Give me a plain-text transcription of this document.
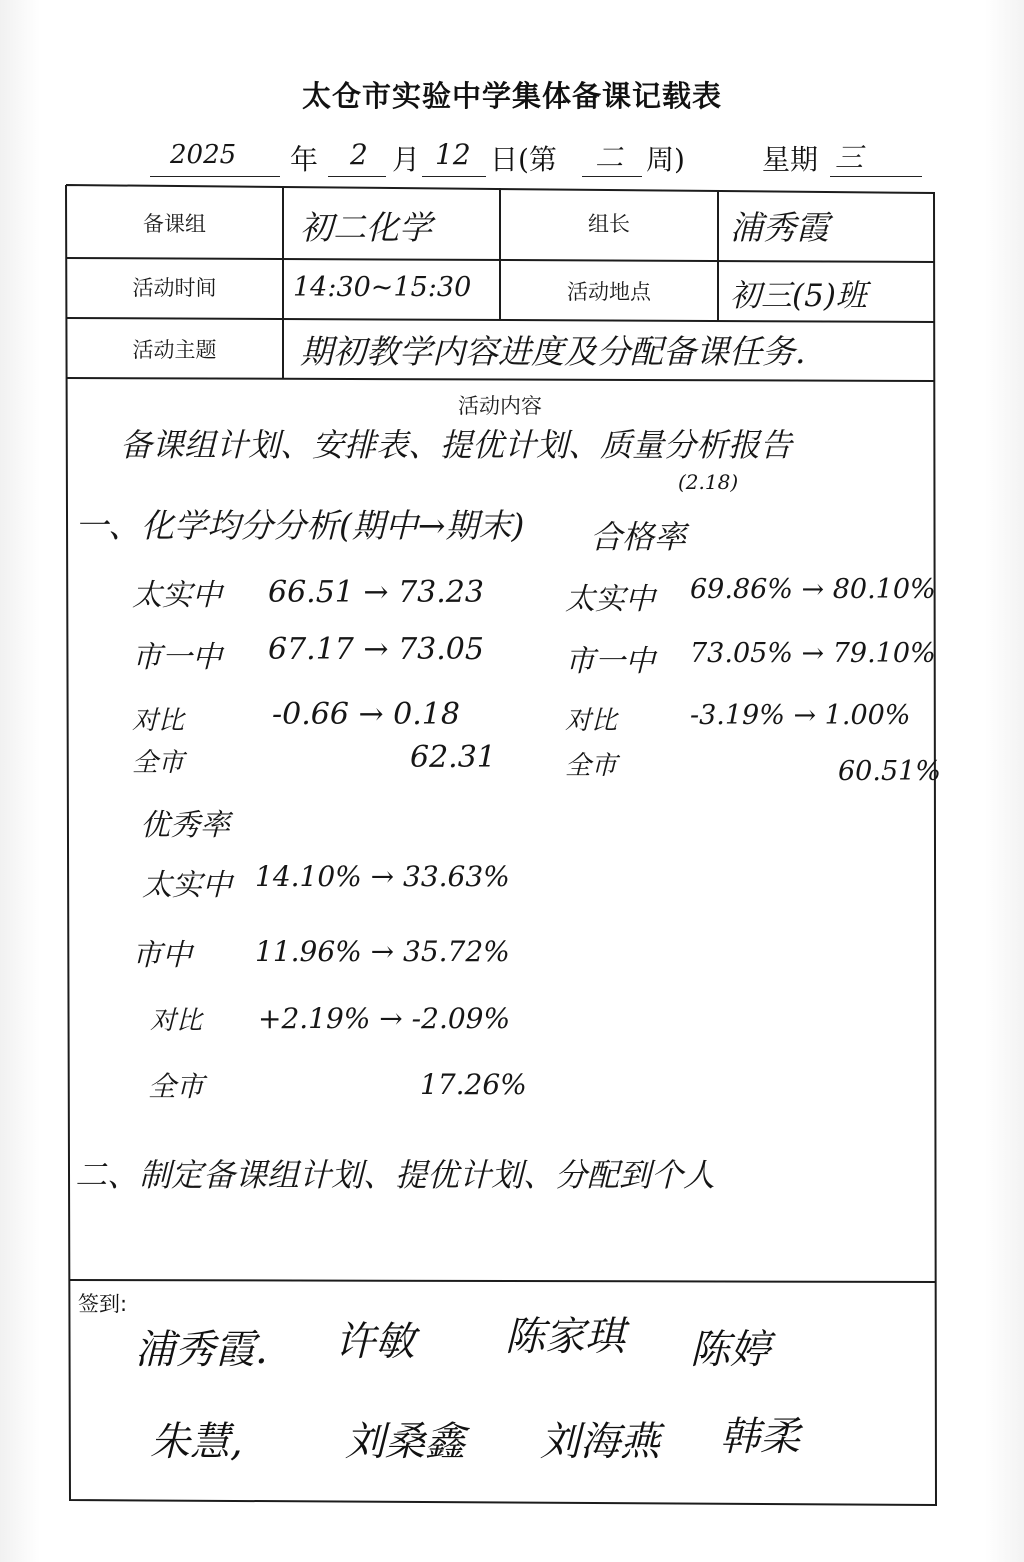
太仓市实验中学集体备课记载表
2025 年 2 月 12 日(第 二 周)	星期 三
备课组	初二化学	组长	浦秀霞
活动时间	14:30~15:30	活动地点	初三(5)班
活动主题	期初教学内容进度及分配备课任务.
活动内容
备课组计划、安排表、提优计划、质量分析报告
(2.18)
一、化学均分分析(期中→期末) 合格率
太实中 66.51 → 73.23
市一中 67.17 → 73.05
对比	-0.66 → 0.18
全市	62.31
太实中 69.86% → 80.10%
市一中 73.05% → 79.10%
对比	-3.19% → 1.00%
全市	60.51%
优秀率
太实中 14.10% → 33.63%
市中 11.96% → 35.72%
对比 +2.19% → -2.09%
全市	17.26%
二、制定备课组计划、提优计划、分配到个人
签到:
浦秀霞. 许敏 陈家琪 陈婷
朱慧,	刘桑鑫 刘海燕 韩柔
